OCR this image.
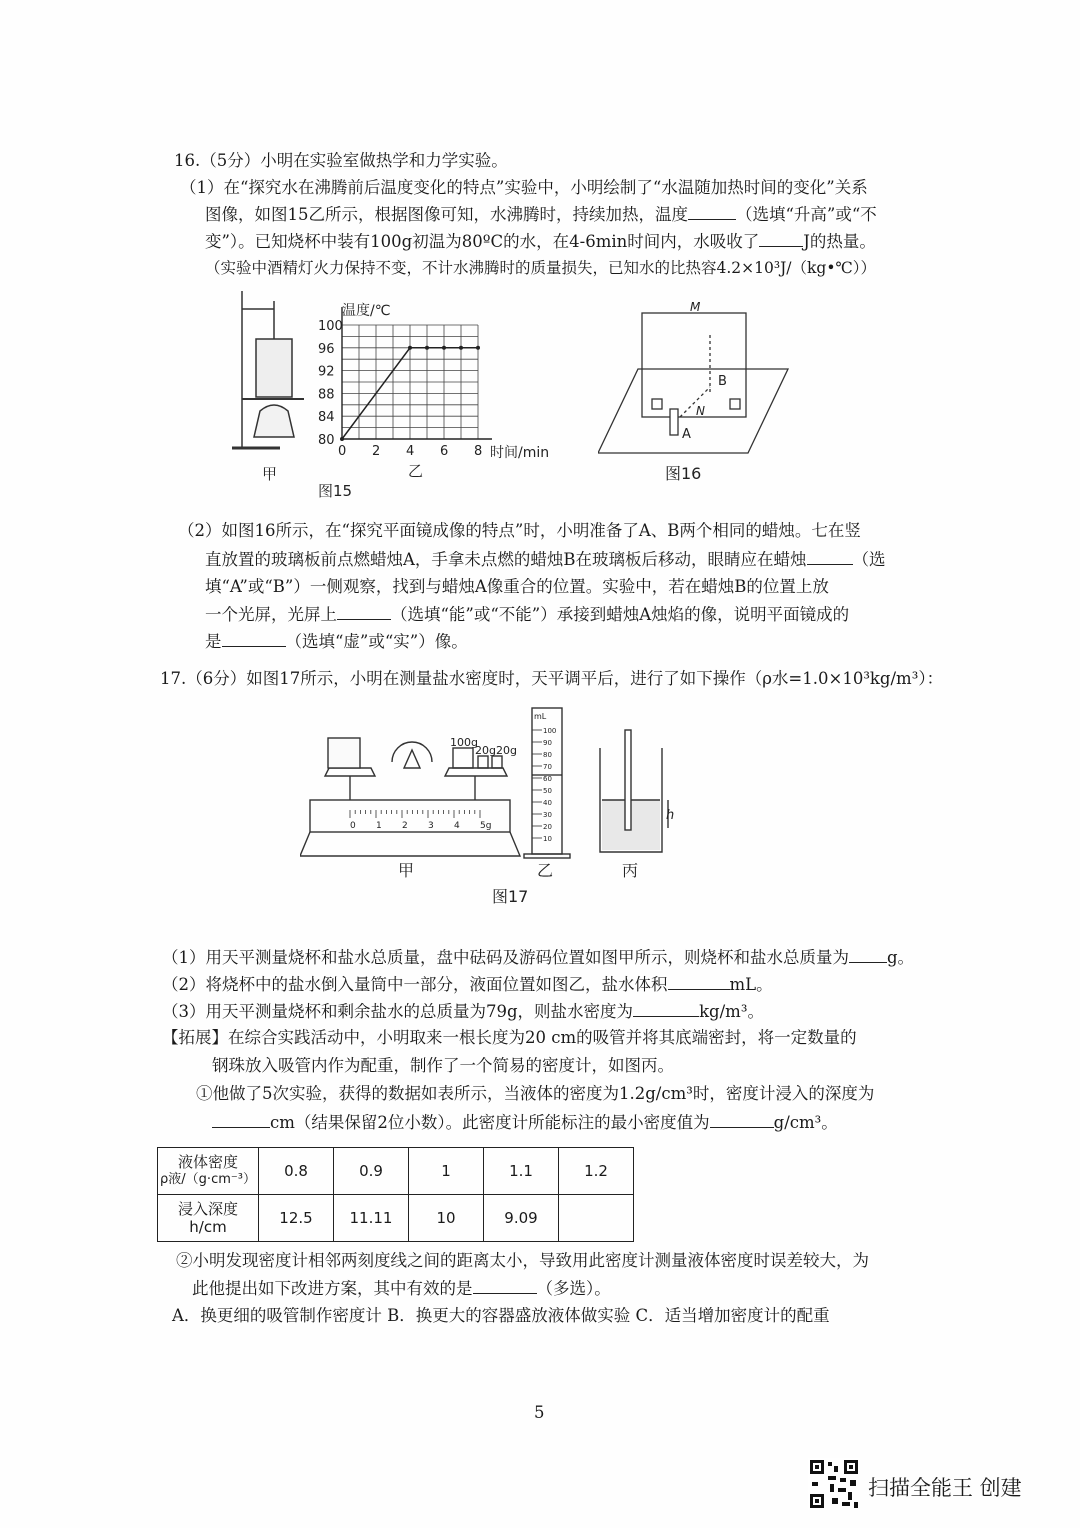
16.（5分）小明在实验室做热学和力学实验。
（1）在“探究水在沸腾前后温度变化的特点”实验中，小明绘制了“水温随加热时间的变化”关系
图像，如图15乙所示，根据图像可知，水沸腾时，持续加热，温度	（选填“升高”或“不
变”）。已知烧杯中装有100g初温为80ºC的水，在4-6min时间内，水吸收了	J的热量。
（实验中酒精灯火力保持不变，不计水沸腾时的质量损失，已知水的比热容4.2×10³J/（kg•℃））
甲
图15
0 2 4 6 8
80
84
88
92
96
100
温度/℃
时间/min
乙
M
B
N
A
图16
（2）如图16所示，在“探究平面镜成像的特点”时，小明准备了A、B两个相同的蜡烛。七在竖
直放置的玻璃板前点燃蜡烛A，手拿未点燃的蜡烛B在玻璃板后移动，眼睛应在蜡烛	（选
填“A”或“B”）一侧观察，找到与蜡烛A像重合的位置。实验中，若在蜡烛B的位置上放
一个光屏，光屏上	（选填“能”或“不能”）承接到蜡烛A烛焰的像，说明平面镜成的
是	（选填“虚”或“实”）像。
17.（6分）如图17所示，小明在测量盐水密度时，天平调平后，进行了如下操作（ρ水=1.0×10³kg/m³）：
0 1 2 3 4 5g
100g
20g 20g
甲
100
90
80
70
60
50
40
30
20
10
mL
乙
h
丙
图17
（1）用天平测量烧杯和盐水总质量，盘中砝码及游码位置如图甲所示，则烧杯和盐水总质量为 g。
（2）将烧杯中的盐水倒入量筒中一部分，液面位置如图乙，盐水体积	mL。
（3）用天平测量烧杯和剩余盐水的总质量为79g，则盐水密度为	kg/m³。
【拓展】在综合实践活动中，小明取来一根长度为20 cm的吸管并将其底端密封，将一定数量的
钢珠放入吸管内作为配重，制作了一个简易的密度计，如图丙。
①他做了5次实验，获得的数据如表所示，当液体的密度为1.2g/cm³时，密度计浸入的深度为
cm（结果保留2位小数）。此密度计所能标注的最小密度值为	g/cm³。
液体密度
ρ液/（g·cm⁻³）	0.8	0.9	1	1.1	1.2

浸入深度
h/cm	12.5	11.11	10	9.09	
②小明发现密度计相邻两刻度线之间的距离太小，导致用此密度计测量液体密度时误差较大，为
此他提出如下改进方案，其中有效的是	（多选）。
A．换更细的吸管制作密度计 B．换更大的容器盛放液体做实验 C．适当增加密度计的配重
5
扫描全能王 创建
